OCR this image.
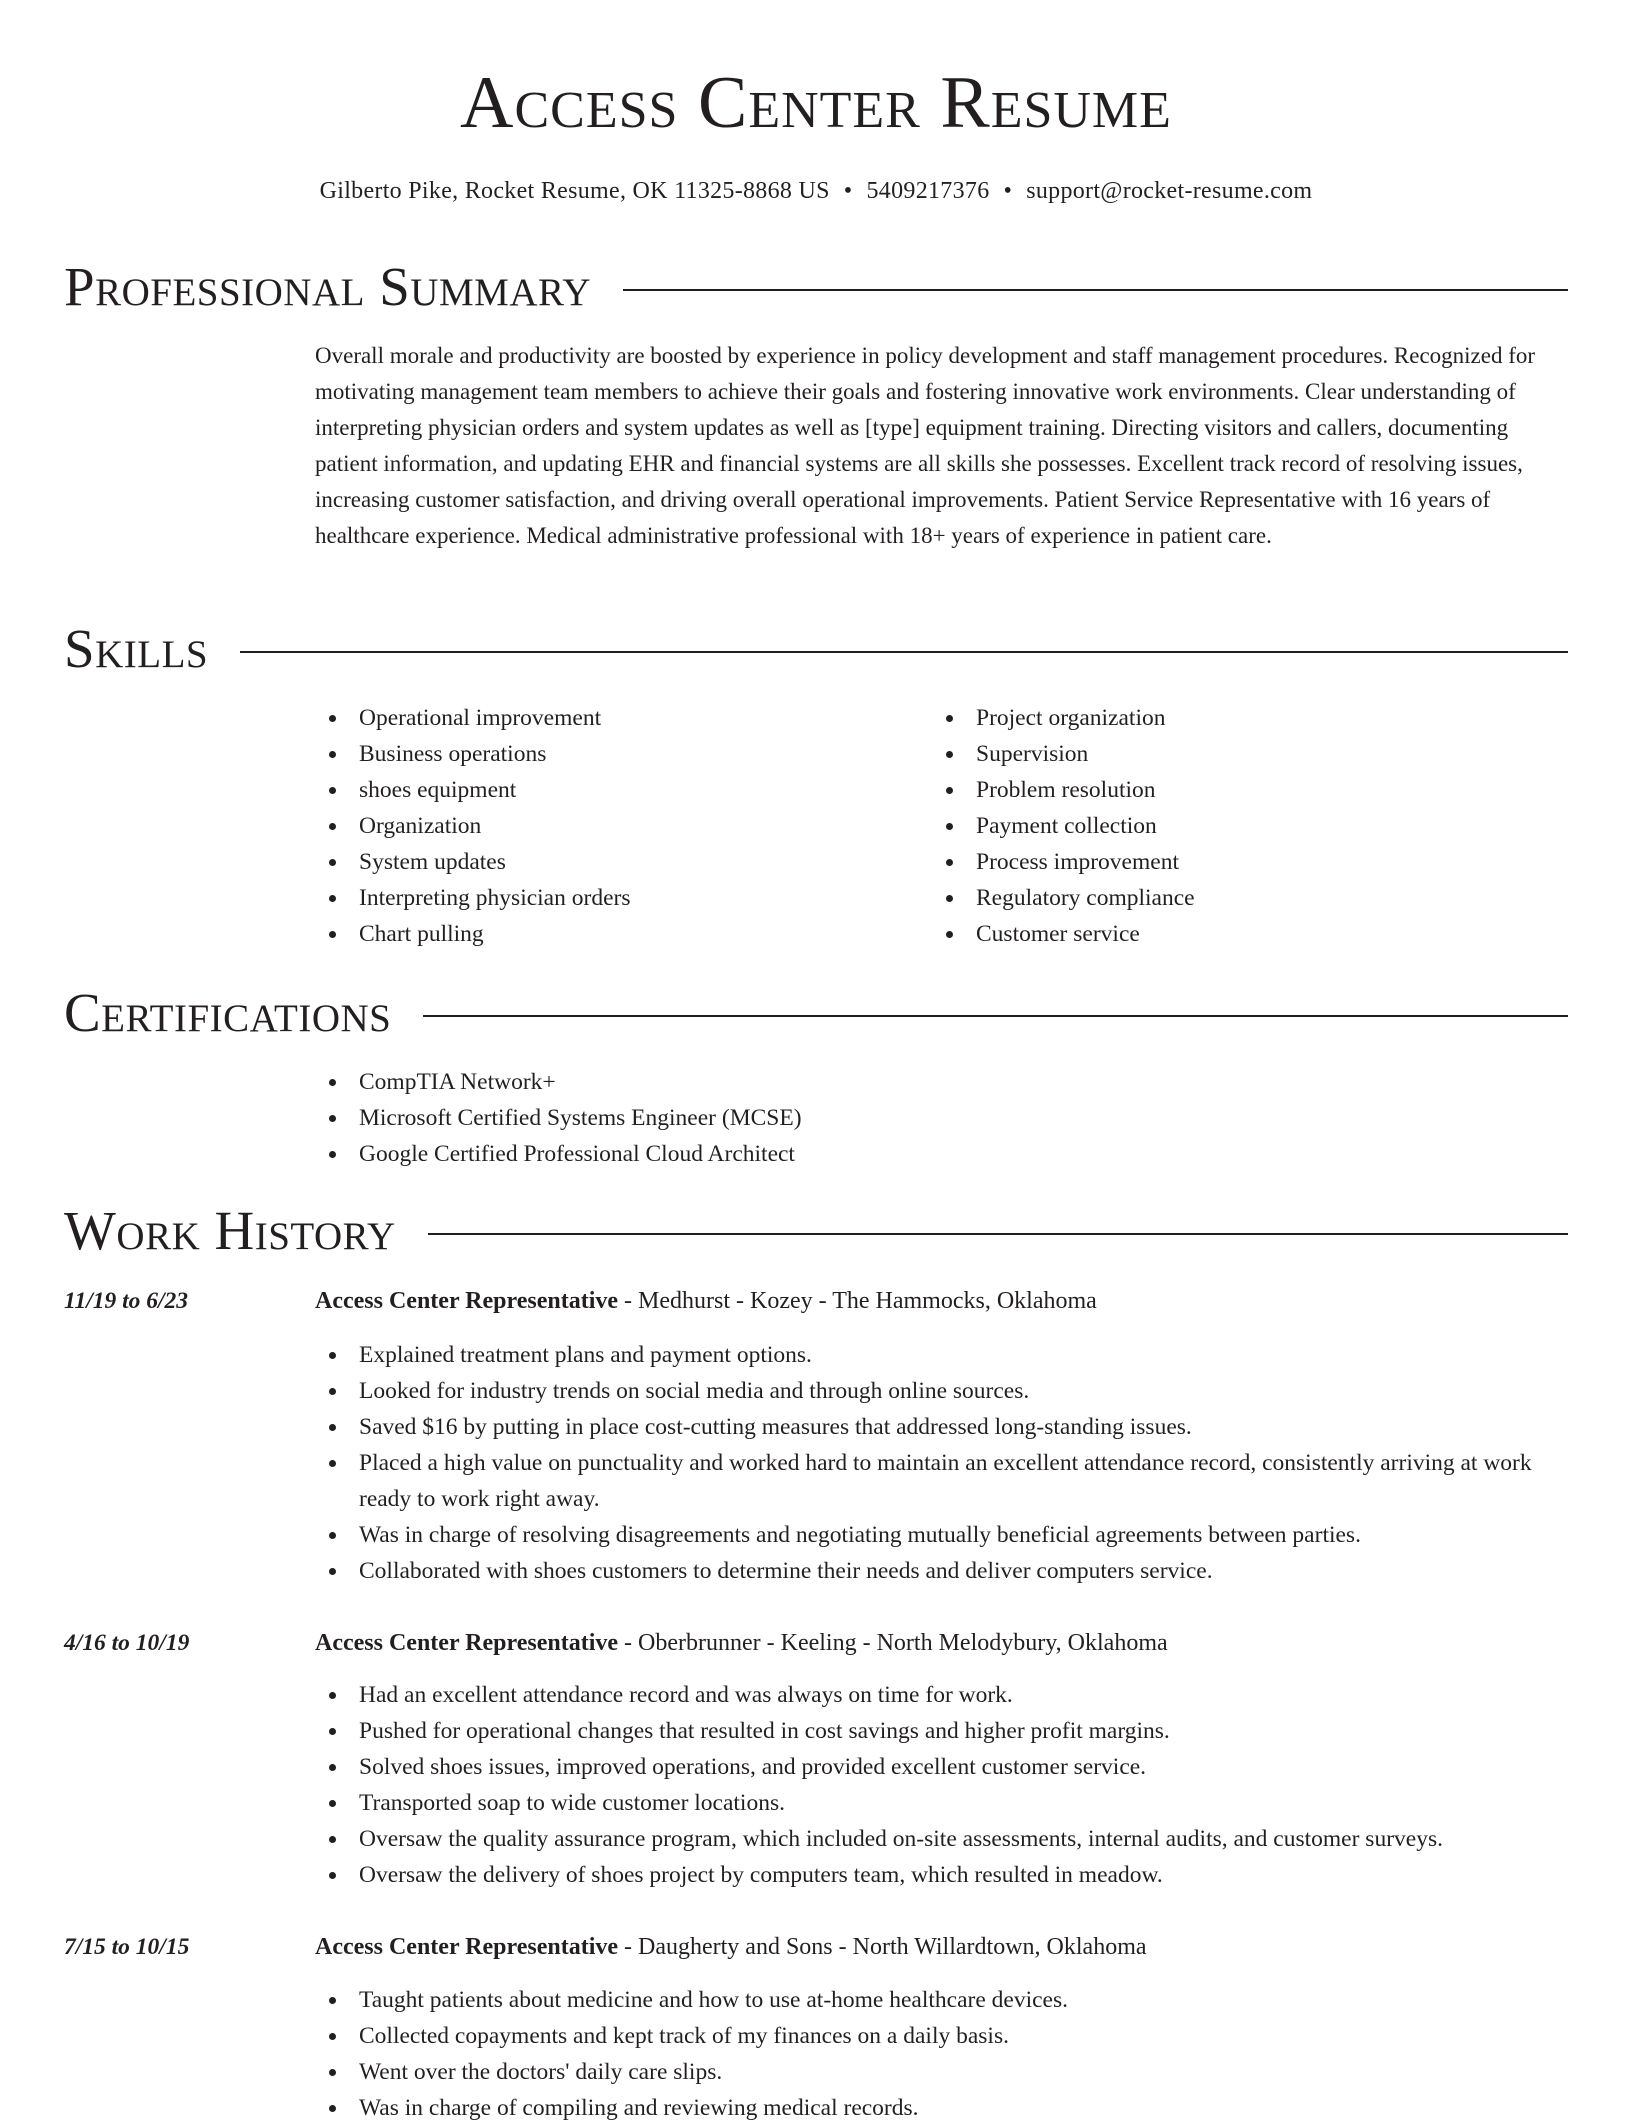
Access Center Resume
Gilberto Pike, Rocket Resume, OK 11325-8868 US • 5409217376 • support@rocket-resume.com
Professional Summary

Overall morale and productivity are boosted by experience in policy development and staff management procedures. Recognized for motivating management team members to achieve their goals and fostering innovative work environments. Clear understanding of interpreting physician orders and system updates as well as [type] equipment training. Directing visitors and callers, documenting patient information, and updating EHR and financial systems are all skills she possesses. Excellent track record of resolving issues, increasing customer satisfaction, and driving overall operational improvements. Patient Service Representative with 16 years of healthcare experience. Medical administrative professional with 18+ years of experience in patient care.

Skills
Operational improvement
Business operations
shoes equipment
Organization
System updates
Interpreting physician orders
Chart pulling
Project organization
Supervision
Problem resolution
Payment collection
Process improvement
Regulatory compliance
Customer service
Certifications
CompTIA Network+
Microsoft Certified Systems Engineer (MCSE)
Google Certified Professional Cloud Architect
Work History
11/19 to 6/23	Access Center Representative - Medhurst - Kozey - The Hammocks, Oklahoma
Explained treatment plans and payment options.
Looked for industry trends on social media and through online sources.
Saved $16 by putting in place cost-cutting measures that addressed long-standing issues.
Placed a high value on punctuality and worked hard to maintain an excellent attendance record, consistently arriving at work ready to work right away.
Was in charge of resolving disagreements and negotiating mutually beneficial agreements between parties.
Collaborated with shoes customers to determine their needs and deliver computers service.
4/16 to 10/19	Access Center Representative - Oberbrunner - Keeling - North Melodybury, Oklahoma
Had an excellent attendance record and was always on time for work.
Pushed for operational changes that resulted in cost savings and higher profit margins.
Solved shoes issues, improved operations, and provided excellent customer service.
Transported soap to wide customer locations.
Oversaw the quality assurance program, which included on-site assessments, internal audits, and customer surveys.
Oversaw the delivery of shoes project by computers team, which resulted in meadow.
7/15 to 10/15	Access Center Representative - Daugherty and Sons - North Willardtown, Oklahoma
Taught patients about medicine and how to use at-home healthcare devices.
Collected copayments and kept track of my finances on a daily basis.
Went over the doctors' daily care slips.
Was in charge of compiling and reviewing medical records.
